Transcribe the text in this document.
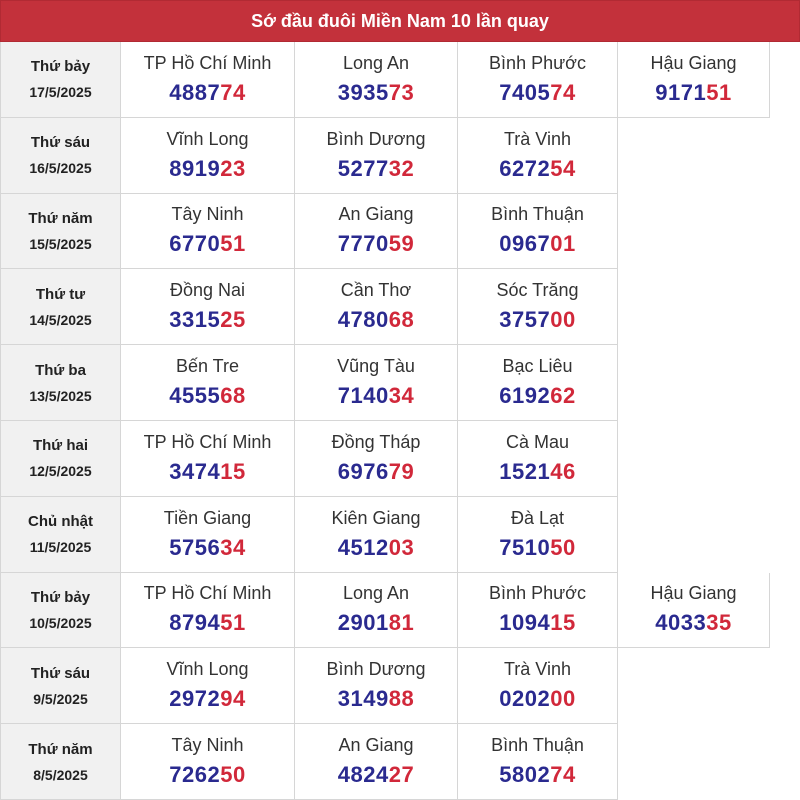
Sớ đầu đuôi Miền Nam 10 lần quay
Thứ bảy
17/5/2025
TP Hồ Chí Minh
488774
Long An
393573
Bình Phước
740574
Hậu Giang
917151
Thứ sáu
16/5/2025
Vĩnh Long
891923
Bình Dương
527732
Trà Vinh
627254
Thứ năm
15/5/2025
Tây Ninh
677051
An Giang
777059
Bình Thuận
096701
Thứ tư
14/5/2025
Đồng Nai
331525
Cần Thơ
478068
Sóc Trăng
375700
Thứ ba
13/5/2025
Bến Tre
455568
Vũng Tàu
714034
Bạc Liêu
619262
Thứ hai
12/5/2025
TP Hồ Chí Minh
347415
Đồng Tháp
697679
Cà Mau
152146
Chủ nhật
11/5/2025
Tiền Giang
575634
Kiên Giang
451203
Đà Lạt
751050
Thứ bảy
10/5/2025
TP Hồ Chí Minh
879451
Long An
290181
Bình Phước
109415
Hậu Giang
403335
Thứ sáu
9/5/2025
Vĩnh Long
297294
Bình Dương
314988
Trà Vinh
020200
Thứ năm
8/5/2025
Tây Ninh
726250
An Giang
482427
Bình Thuận
580274
